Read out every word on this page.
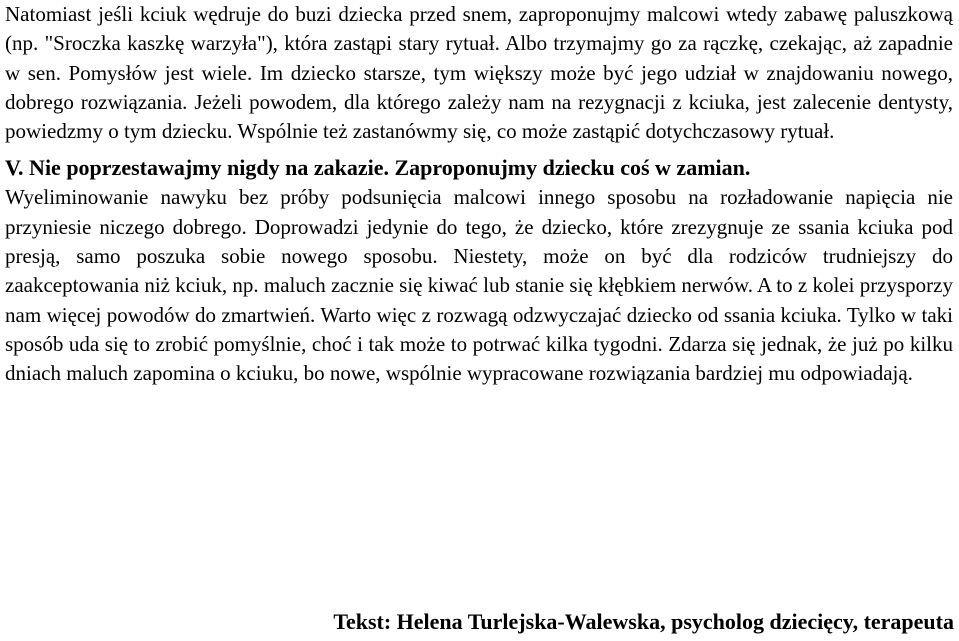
Natomiast jeśli kciuk wędruje do buzi dziecka przed snem, zaproponujmy malcowi wtedy zabawę paluszkową (np. "Sroczka kaszkę warzyła"), która zastąpi stary rytuał. Albo trzymajmy go za rączkę, czekając, aż zapadnie w sen. Pomysłów jest wiele. Im dziecko starsze, tym większy może być jego udział w znajdowaniu nowego, dobrego rozwiązania. Jeżeli powodem, dla którego zależy nam na rezygnacji z kciuka, jest zalecenie dentysty, powiedzmy o tym dziecku. Wspólnie też zastanówmy się, co może zastąpić dotychczasowy rytuał.

V. Nie poprzestawajmy nigdy na zakazie. Zaproponujmy dziecku coś w zamian.

Wyeliminowanie nawyku bez próby podsunięcia malcowi innego sposobu na rozładowanie napięcia nie przyniesie niczego dobrego. Doprowadzi jedynie do tego, że dziecko, które zrezygnuje ze ssania kciuka pod presją, samo poszuka sobie nowego sposobu. Niestety, może on być dla rodziców trudniejszy do zaakceptowania niż kciuk, np. maluch zacznie się kiwać lub stanie się kłębkiem nerwów. A to z kolei przysporzy nam więcej powodów do zmartwień. Warto więc z rozwagą odzwyczajać dziecko od ssania kciuka. Tylko w taki sposób uda się to zrobić pomyślnie, choć i tak może to potrwać kilka tygodni. Zdarza się jednak, że już po kilku dniach maluch zapomina o kciuku, bo nowe, wspólnie wypracowane rozwiązania bardziej mu odpowiadają.

Tekst: Helena Turlejska-Walewska, psycholog dziecięcy, terapeuta
